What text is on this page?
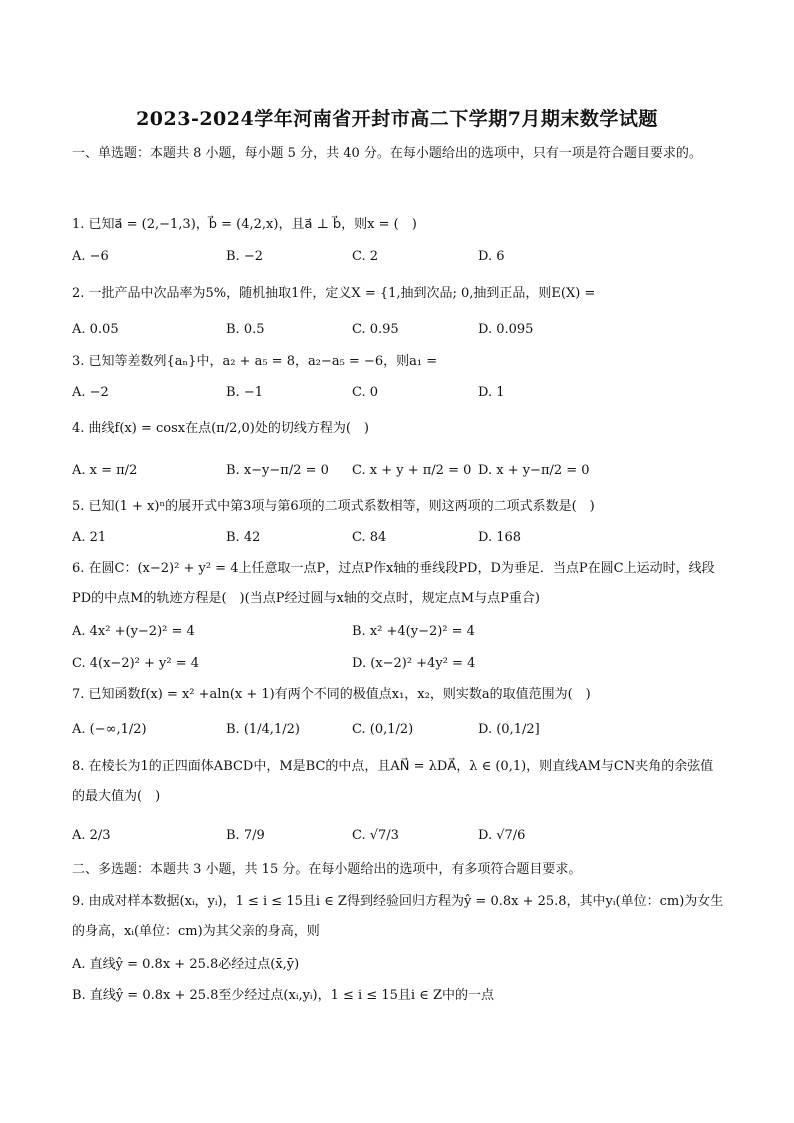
2023-2024学年河南省开封市高二下学期7月期末数学试题
一、单选题：本题共 8 小题，每小题 5 分，共 40 分。在每小题给出的选项中，只有一项是符合题目要求的。
1. 已知a⃗ = (2,−1,3)，b⃗ = (4,2,x)，且a⃗ ⊥ b⃗，则x = (　)
A. −6	B. −2	C. 2	D. 6
2. 一批产品中次品率为5%，随机抽取1件，定义X = {1,抽到次品; 0,抽到正品，则E(X) =
A. 0.05	B. 0.5	C. 0.95	D. 0.095
3. 已知等差数列{aₙ}中，a₂ + a₅ = 8，a₂−a₅ = −6，则a₁ =
A. −2	B. −1	C. 0	D. 1
4. 曲线f(x) = cosx在点(π/2,0)处的切线方程为(　)
A. x = π/2	B. x−y−π/2 = 0 C. x + y + π/2 = 0 D. x + y−π/2 = 0
5. 已知(1 + x)ⁿ的展开式中第3项与第6项的二项式系数相等，则这两项的二项式系数是(　)
A. 21	B. 42	C. 84	D. 168
6. 在圆C：(x−2)² + y² = 4上任意取一点P，过点P作x轴的垂线段PD，D为垂足．当点P在圆C上运动时，线段PD的中点M的轨迹方程是(　)(当点P经过圆与x轴的交点时，规定点M与点P重合)
A. 4x² +(y−2)² = 4	B. x² +4(y−2)² = 4
C. 4(x−2)² + y² = 4	D. (x−2)² +4y² = 4
7. 已知函数f(x) = x² +aln(x + 1)有两个不同的极值点x₁，x₂，则实数a的取值范围为(　)
A. (−∞,1/2)	B. (1/4,1/2)	C. (0,1/2)	D. (0,1/2]
8. 在棱长为1的正四面体ABCD中，M是BC的中点，且AN⃗ = λDA⃗，λ ∈ (0,1)，则直线AM与CN夹角的余弦值的最大值为(　)
A. 2/3	B. 7/9	C. √7/3	D. √7/6
二、多选题：本题共 3 小题，共 15 分。在每小题给出的选项中，有多项符合题目要求。
9. 由成对样本数据(xᵢ，yᵢ)，1 ≤ i ≤ 15且i ∈ Z得到经验回归方程为ŷ = 0.8x + 25.8，其中yᵢ(单位：cm)为女生的身高，xᵢ(单位：cm)为其父亲的身高，则
A. 直线ŷ = 0.8x + 25.8必经过点(x̄,ȳ)
B. 直线ŷ = 0.8x + 25.8至少经过点(xᵢ,yᵢ)，1 ≤ i ≤ 15且i ∈ Z中的一点
